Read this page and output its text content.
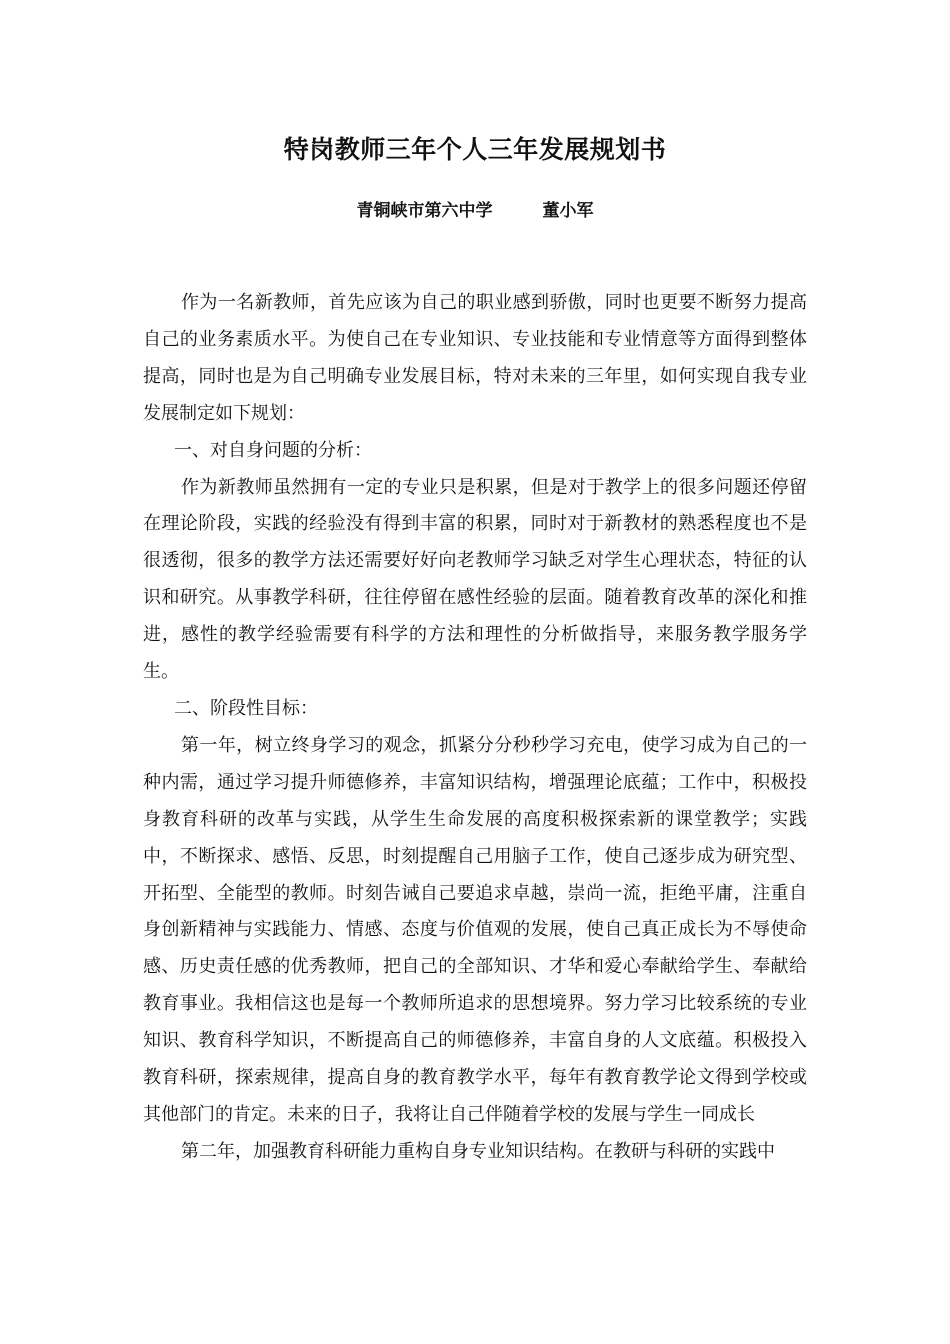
特岗教师三年个人三年发展规划书
青铜峡市第六中学	董小军

作为一名新教师，首先应该为自己的职业感到骄傲，同时也更要不断努力提高自己的业务素质水平。为使自己在专业知识、专业技能和专业情意等方面得到整体提高，同时也是为自己明确专业发展目标，特对未来的三年里，如何实现自我专业发展制定如下规划：

一、对自身问题的分析：

作为新教师虽然拥有一定的专业只是积累，但是对于教学上的很多问题还停留在理论阶段，实践的经验没有得到丰富的积累，同时对于新教材的熟悉程度也不是很透彻，很多的教学方法还需要好好向老教师学习缺乏对学生心理状态，特征的认识和研究。从事教学科研，往往停留在感性经验的层面。随着教育改革的深化和推进，感性的教学经验需要有科学的方法和理性的分析做指导，来服务教学服务学生。

二、阶段性目标：

第一年，树立终身学习的观念，抓紧分分秒秒学习充电，使学习成为自己的一种内需，通过学习提升师德修养，丰富知识结构，增强理论底蕴；工作中，积极投身教育科研的改革与实践，从学生生命发展的高度积极探索新的课堂教学；实践中，不断探求、感悟、反思，时刻提醒自己用脑子工作，使自己逐步成为研究型、开拓型、全能型的教师。时刻告诫自己要追求卓越，崇尚一流，拒绝平庸，注重自身创新精神与实践能力、情感、态度与价值观的发展，使自己真正成长为不辱使命感、历史责任感的优秀教师，把自己的全部知识、才华和爱心奉献给学生、奉献给教育事业。我相信这也是每一个教师所追求的思想境界。努力学习比较系统的专业知识、教育科学知识，不断提高自己的师德修养，丰富自身的人文底蕴。积极投入教育科研，探索规律，提高自身的教育教学水平，每年有教育教学论文得到学校或其他部门的肯定。未来的日子，我将让自己伴随着学校的发展与学生一同成长

第二年，加强教育科研能力重构自身专业知识结构。在教研与科研的实践中
